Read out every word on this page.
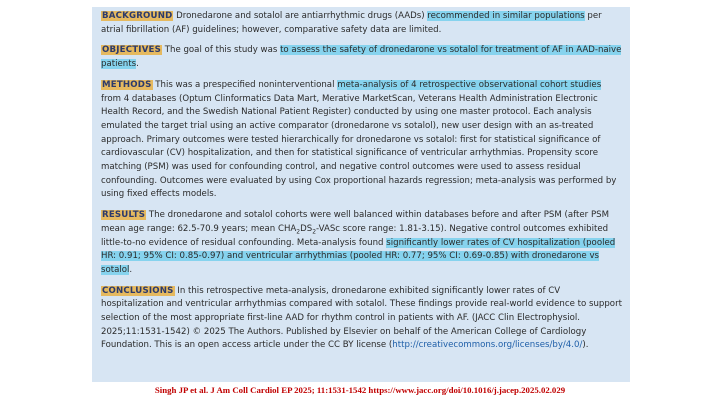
BACKGROUND Dronedarone and sotalol are antiarrhythmic drugs (AADs) recommended in similar populations per atrial fibrillation (AF) guidelines; however, comparative safety data are limited.

OBJECTIVES The goal of this study was to assess the safety of dronedarone vs sotalol for treatment of AF in AAD-naive patients.

METHODS This was a prespecified noninterventional meta-analysis of 4 retrospective observational cohort studies from 4 databases (Optum Clinformatics Data Mart, Merative MarketScan, Veterans Health Administration Electronic Health Record, and the Swedish National Patient Register) conducted by using one master protocol. Each analysis emulated the target trial using an active comparator (dronedarone vs sotalol), new user design with an as-treated approach. Primary outcomes were tested hierarchically for dronedarone vs sotalol: first for statistical significance of cardiovascular (CV) hospitalization, and then for statistical significance of ventricular arrhythmias. Propensity score matching (PSM) was used for confounding control, and negative control outcomes were used to assess residual confounding. Outcomes were evaluated by using Cox proportional hazards regression; meta-analysis was performed by using fixed effects models.

RESULTS The dronedarone and sotalol cohorts were well balanced within databases before and after PSM (after PSM mean age range: 62.5-70.9 years; mean $CHA_2DS_2$-VASc score range: 1.81-3.15). Negative control outcomes exhibited little-to-no evidence of residual confounding. Meta-analysis found significantly lower rates of CV hospitalization (pooled HR: 0.91; 95% CI: 0.85-0.97) and ventricular arrhythmias (pooled HR: 0.77; 95% CI: 0.69-0.85) with dronedarone vs sotalol.

CONCLUSIONS In this retrospective meta-analysis, dronedarone exhibited significantly lower rates of CV hospitalization and ventricular arrhythmias compared with sotalol. These findings provide real-world evidence to support selection of the most appropriate first-line AAD for rhythm control in patients with AF. (JACC Clin Electrophysiol. 2025;11:1531-1542) © 2025 The Authors. Published by Elsevier on behalf of the American College of Cardiology Foundation. This is an open access article under the CC BY license (http://creativecommons.org/licenses/by/4.0/).

Singh JP et al. J Am Coll Cardiol EP 2025; 11:1531-1542 https://www.jacc.org/doi/10.1016/j.jacep.2025.02.029
